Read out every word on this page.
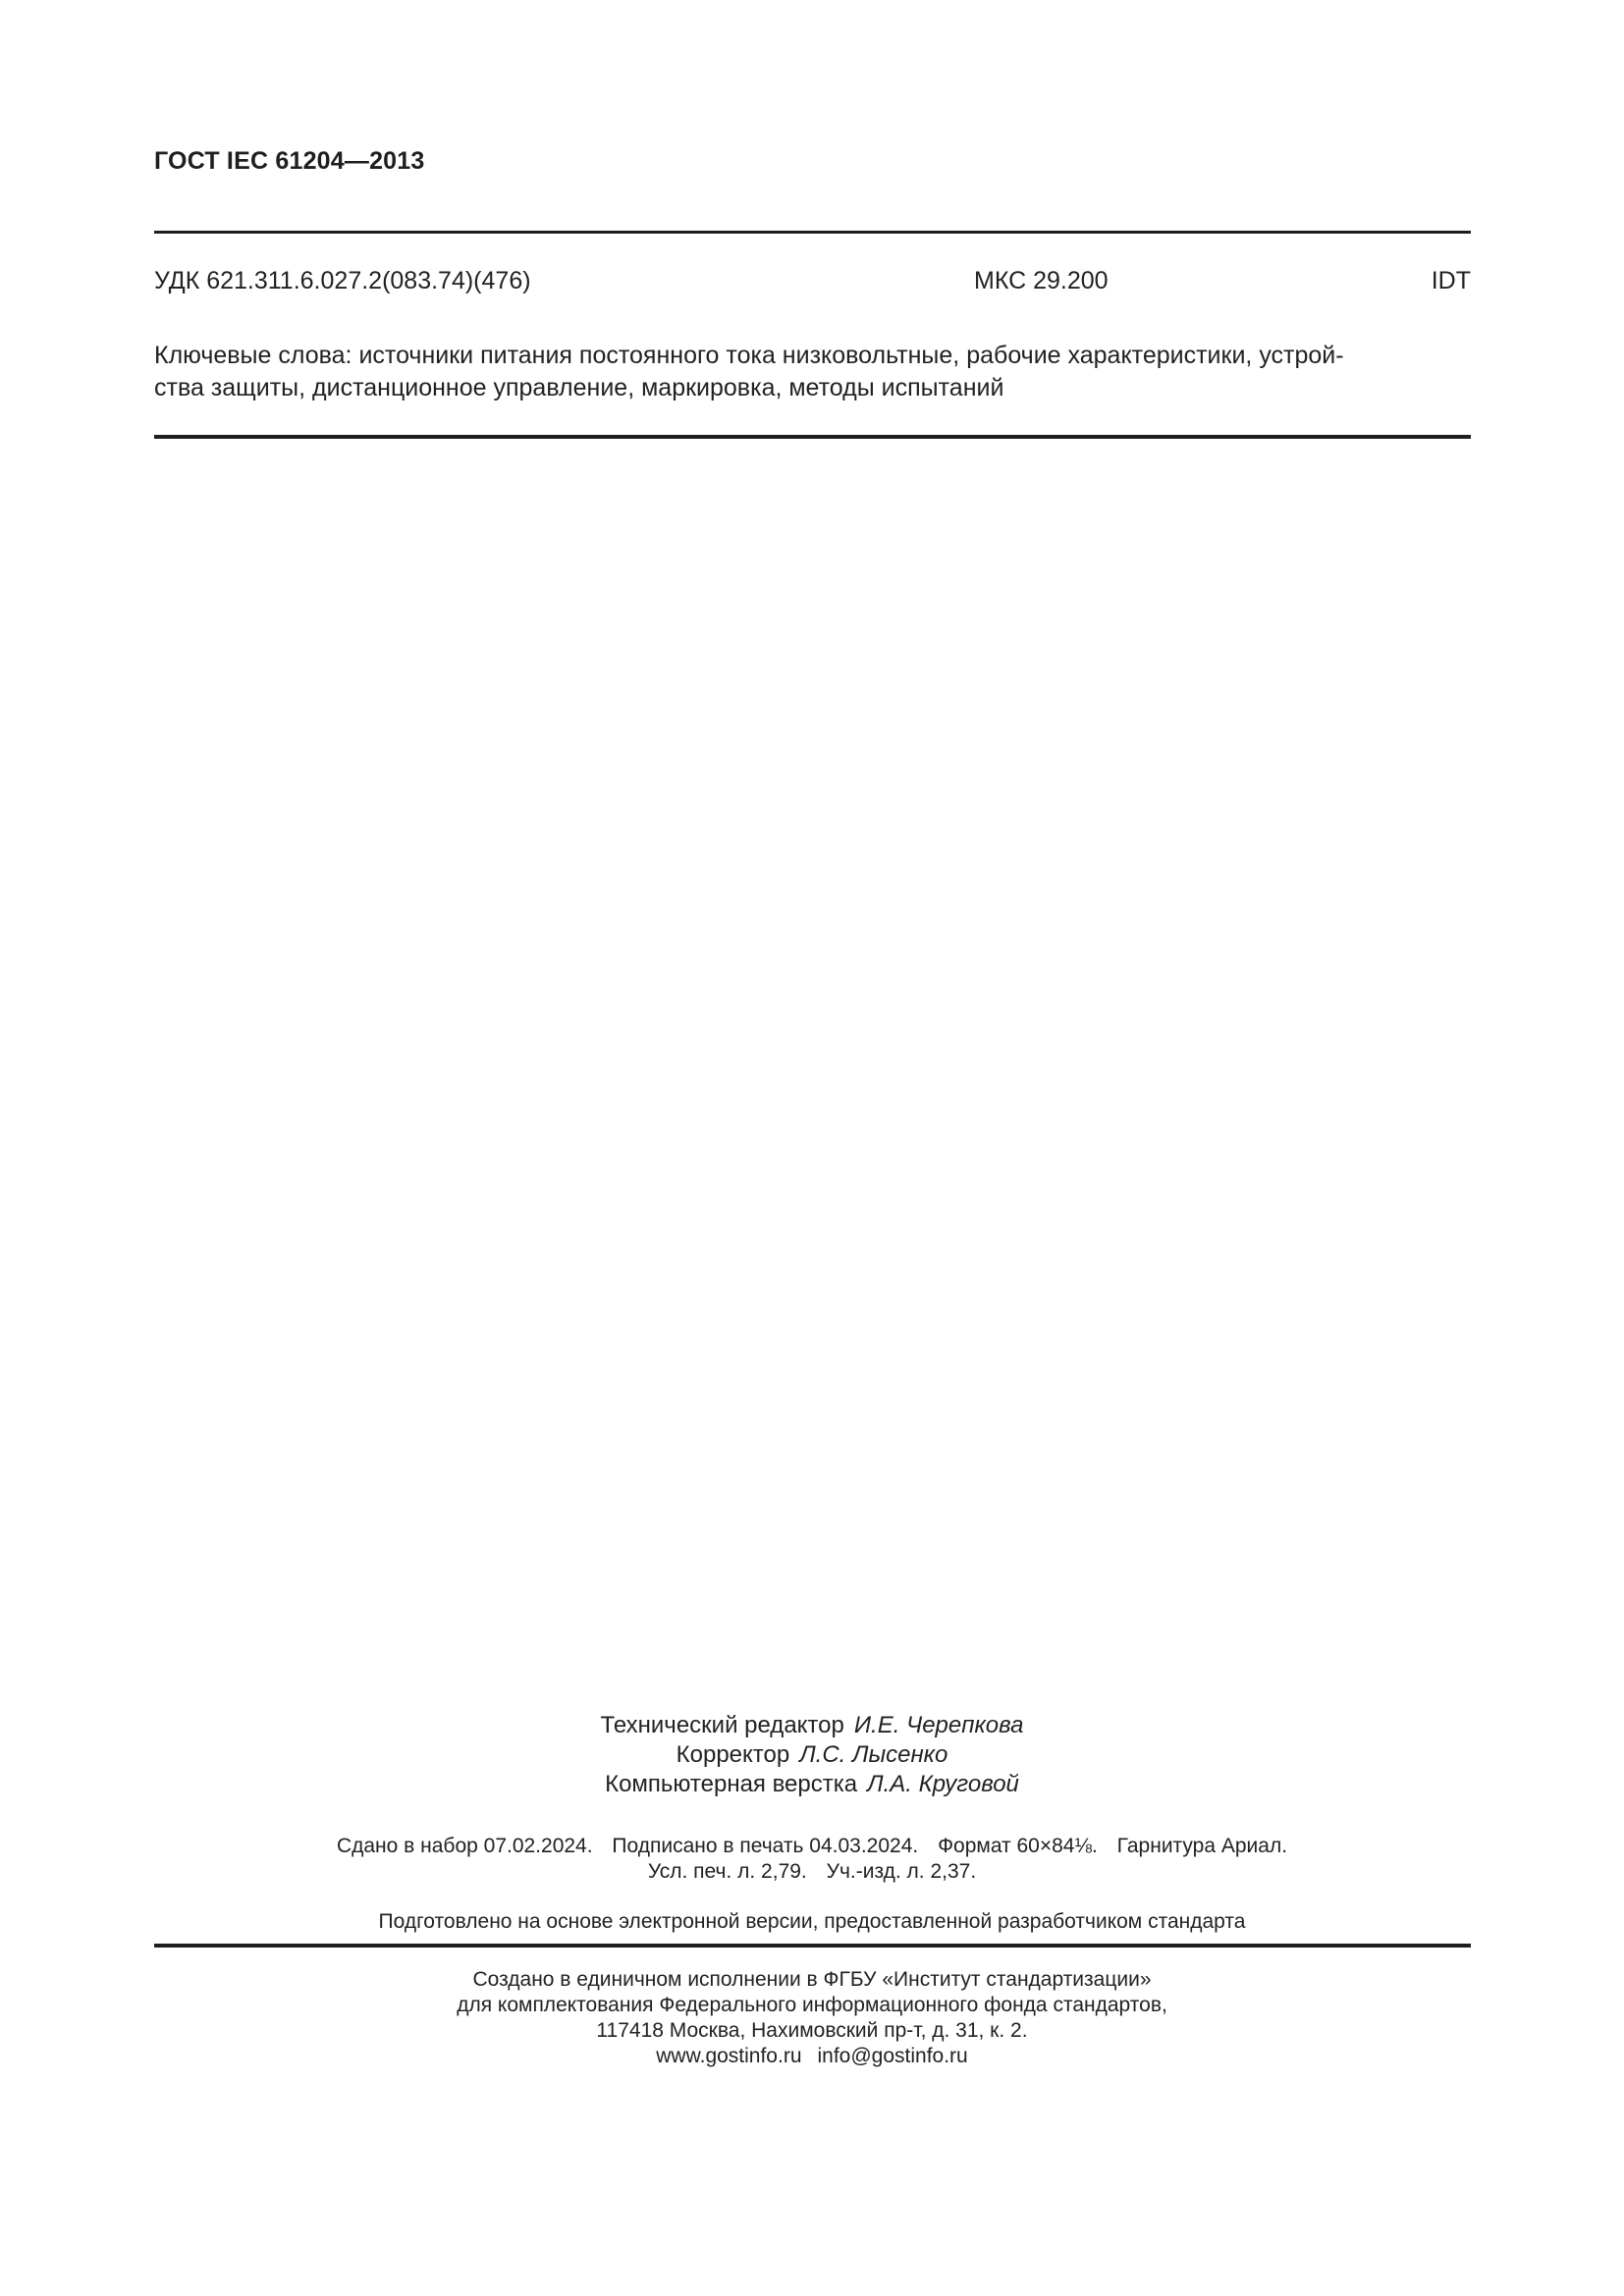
ГОСТ IEC 61204—2013
УДК 621.311.6.027.2(083.74)(476)	МКС 29.200	IDT
Ключевые слова: источники питания постоянного тока низковольтные, рабочие характеристики, устрой-
ства защиты, дистанционное управление, маркировка, методы испытаний
Технический редактор И.Е. Черепкова
Корректор Л.С. Лысенко
Компьютерная верстка Л.А. Круговой
Сдано в набор 07.02.2024. Подписано в печать 04.03.2024. Формат 60×84⅛. Гарнитура Ариал.
Усл. печ. л. 2,79. Уч.-изд. л. 2,37.
Подготовлено на основе электронной версии, предоставленной разработчиком стандарта
Создано в единичном исполнении в ФГБУ «Институт стандартизации»
для комплектования Федерального информационного фонда стандартов,
117418 Москва, Нахимовский пр-т, д. 31, к. 2.
www.gostinfo.ru info@gostinfo.ru
